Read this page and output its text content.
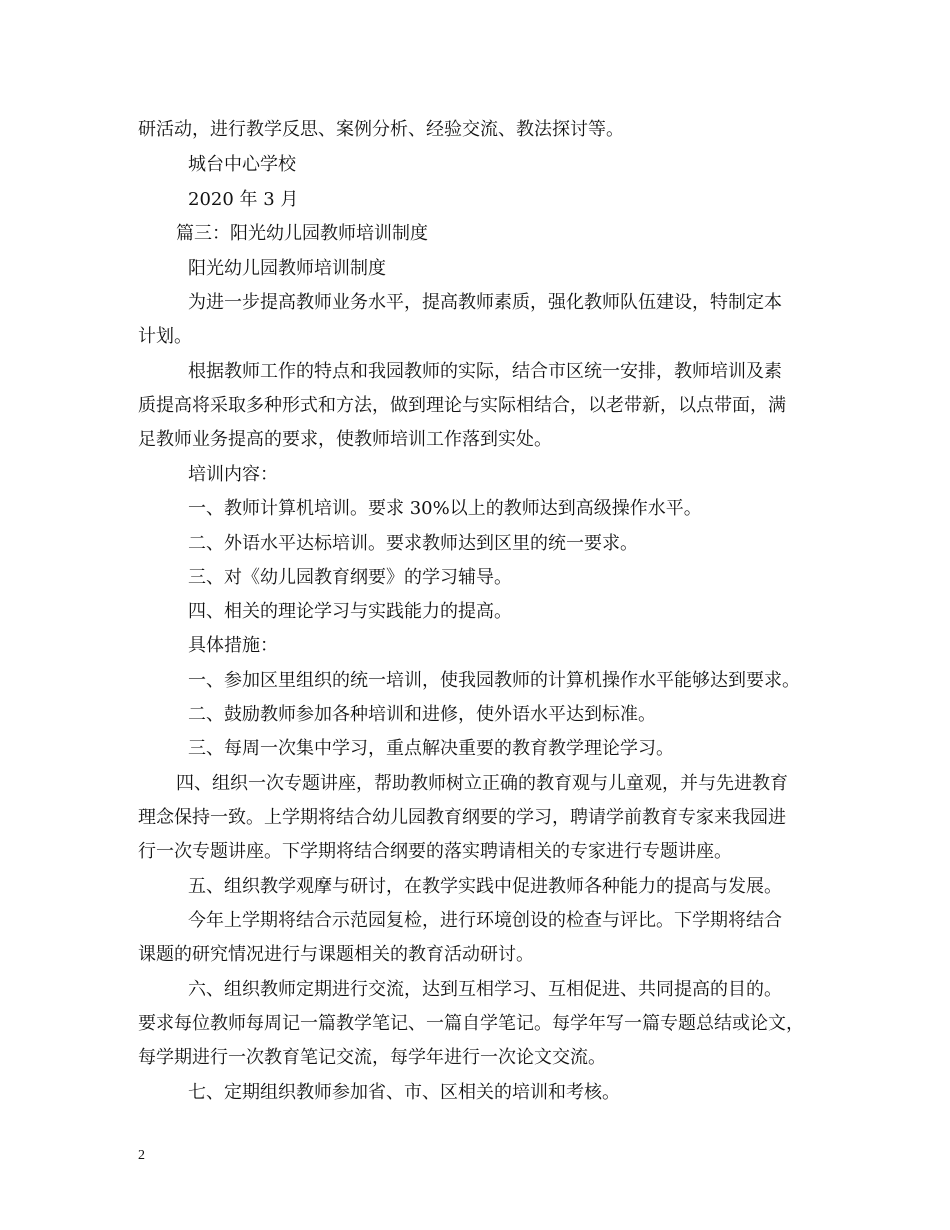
研活动，进行教学反思、案例分析、经验交流、教法探讨等。
城台中心学校
2020 年 3 月
篇三：阳光幼儿园教师培训制度
阳光幼儿园教师培训制度
为进一步提高教师业务水平，提高教师素质，强化教师队伍建设，特制定本
计划。
根据教师工作的特点和我园教师的实际，结合市区统一安排，教师培训及素
质提高将采取多种形式和方法，做到理论与实际相结合，以老带新，以点带面，满
足教师业务提高的要求，使教师培训工作落到实处。
培训内容：
一、教师计算机培训。要求 30%以上的教师达到高级操作水平。
二、外语水平达标培训。要求教师达到区里的统一要求。
三、对《幼儿园教育纲要》的学习辅导。
四、相关的理论学习与实践能力的提高。
具体措施：
一、参加区里组织的统一培训，使我园教师的计算机操作水平能够达到要求。
二、鼓励教师参加各种培训和进修，使外语水平达到标准。
三、每周一次集中学习，重点解决重要的教育教学理论学习。
四、组织一次专题讲座，帮助教师树立正确的教育观与儿童观，并与先进教育
理念保持一致。上学期将结合幼儿园教育纲要的学习，聘请学前教育专家来我园进
行一次专题讲座。下学期将结合纲要的落实聘请相关的专家进行专题讲座。
五、组织教学观摩与研讨，在教学实践中促进教师各种能力的提高与发展。
今年上学期将结合示范园复检，进行环境创设的检查与评比。下学期将结合
课题的研究情况进行与课题相关的教育活动研讨。
六、组织教师定期进行交流，达到互相学习、互相促进、共同提高的目的。
要求每位教师每周记一篇教学笔记、一篇自学笔记。每学年写一篇专题总结或论文，
每学期进行一次教育笔记交流，每学年进行一次论文交流。
七、定期组织教师参加省、市、区相关的培训和考核。
2
